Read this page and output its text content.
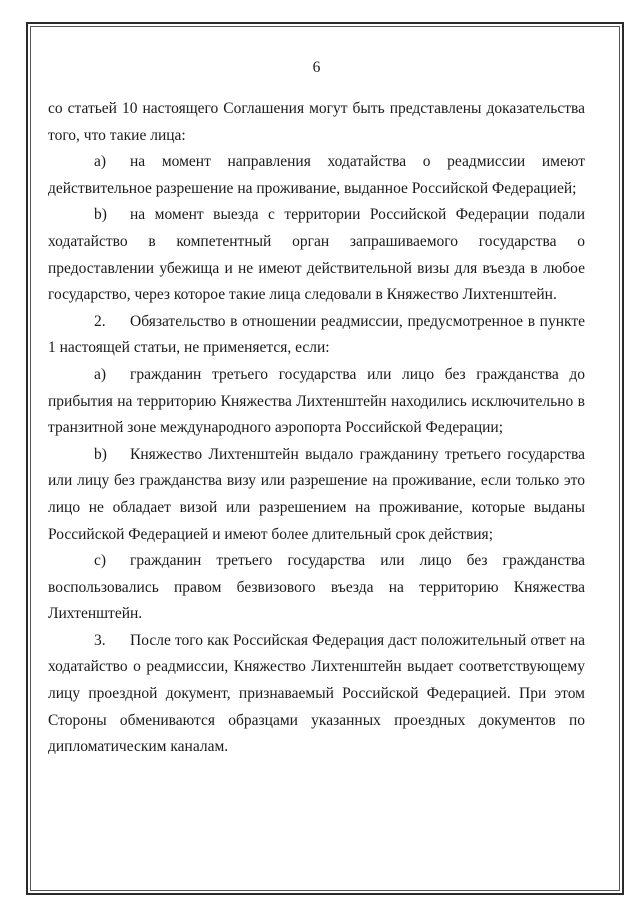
6

со статьей 10 настоящего Соглашения могут быть представлены доказательства того, что такие лица:

a) на момент направления ходатайства о реадмиссии имеют действительное разрешение на проживание, выданное Российской Федерацией;

b) на момент выезда с территории Российской Федерации подали ходатайство в компетентный орган запрашиваемого государства о предоставлении убежища и не имеют действительной визы для въезда в любое государство, через которое такие лица следовали в Княжество Лихтенштейн.

2. Обязательство в отношении реадмиссии, предусмотренное в пункте 1 настоящей статьи, не применяется, если:

a) гражданин третьего государства или лицо без гражданства до прибытия на территорию Княжества Лихтенштейн находились исключительно в транзитной зоне международного аэропорта Российской Федерации;

b) Княжество Лихтенштейн выдало гражданину третьего государства или лицу без гражданства визу или разрешение на проживание, если только это лицо не обладает визой или разрешением на проживание, которые выданы Российской Федерацией и имеют более длительный срок действия;

c) гражданин третьего государства или лицо без гражданства воспользовались правом безвизового въезда на территорию Княжества Лихтенштейн.

3. После того как Российская Федерация даст положительный ответ на ходатайство о реадмиссии, Княжество Лихтенштейн выдает соответствующему лицу проездной документ, признаваемый Российской Федерацией. При этом Стороны обмениваются образцами указанных проездных документов по дипломатическим каналам.
